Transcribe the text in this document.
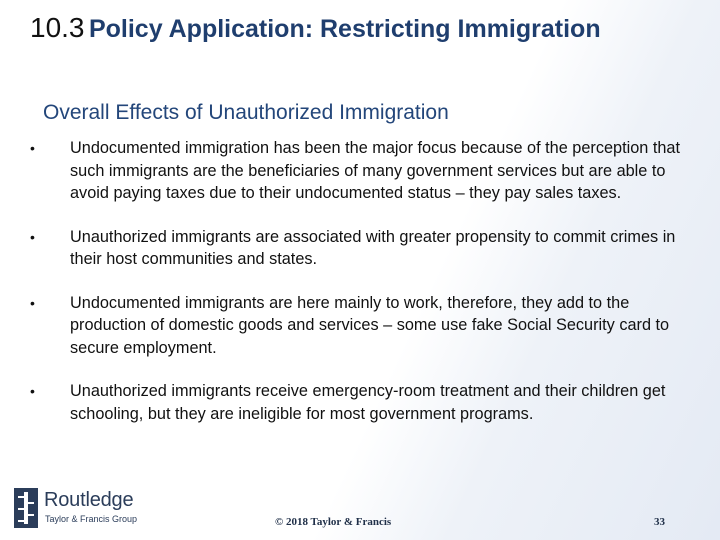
10.3 Policy Application: Restricting Immigration
Overall Effects of Unauthorized Immigration
• Undocumented immigration has been the major focus because of the perception that such immigrants are the beneficiaries of many government services but are able to avoid paying taxes due to their undocumented status – they pay sales taxes.
• Unauthorized immigrants are associated with greater propensity to commit crimes in their host communities and states.
• Undocumented immigrants are here mainly to work, therefore, they add to the production of domestic goods and services – some use fake Social Security card to secure employment.
• Unauthorized immigrants receive emergency-room treatment and their children get schooling, but they are ineligible for most government programs.
Routledge
Taylor & Francis Group	© 2018 Taylor & Francis	33
